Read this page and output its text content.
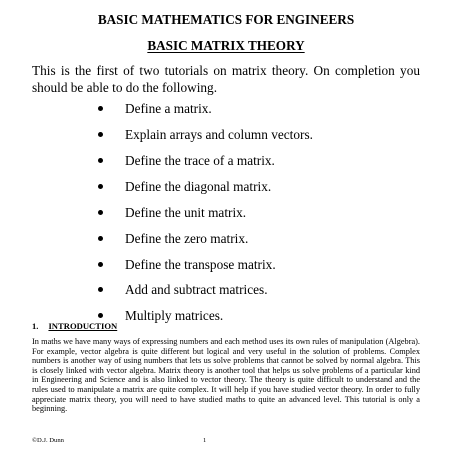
BASIC MATHEMATICS FOR ENGINEERS
BASIC MATRIX THEORY
This is the first of two tutorials on matrix theory. On completion you should be able to do the following.
Define a matrix.
Explain arrays and column vectors.
Define the trace of a matrix.
Define the diagonal matrix.
Define the unit matrix.
Define the zero matrix.
Define the transpose matrix.
Add and subtract matrices.
Multiply matrices.
1. INTRODUCTION
In maths we have many ways of expressing numbers and each method uses its own rules of manipulation (Algebra). For example, vector algebra is quite different but logical and very useful in the solution of problems. Complex numbers is another way of using numbers that lets us solve problems that cannot be solved by normal algebra. This is closely linked with vector algebra. Matrix theory is another tool that helps us solve problems of a particular kind in Engineering and Science and is also linked to vector theory. The theory is quite difficult to understand and the rules used to manipulate a matrix are quite complex. It will help if you have studied vector theory. In order to fully appreciate matrix theory, you will need to have studied maths to quite an advanced level. This tutorial is only a beginning.
©D.J. Dunn	1
